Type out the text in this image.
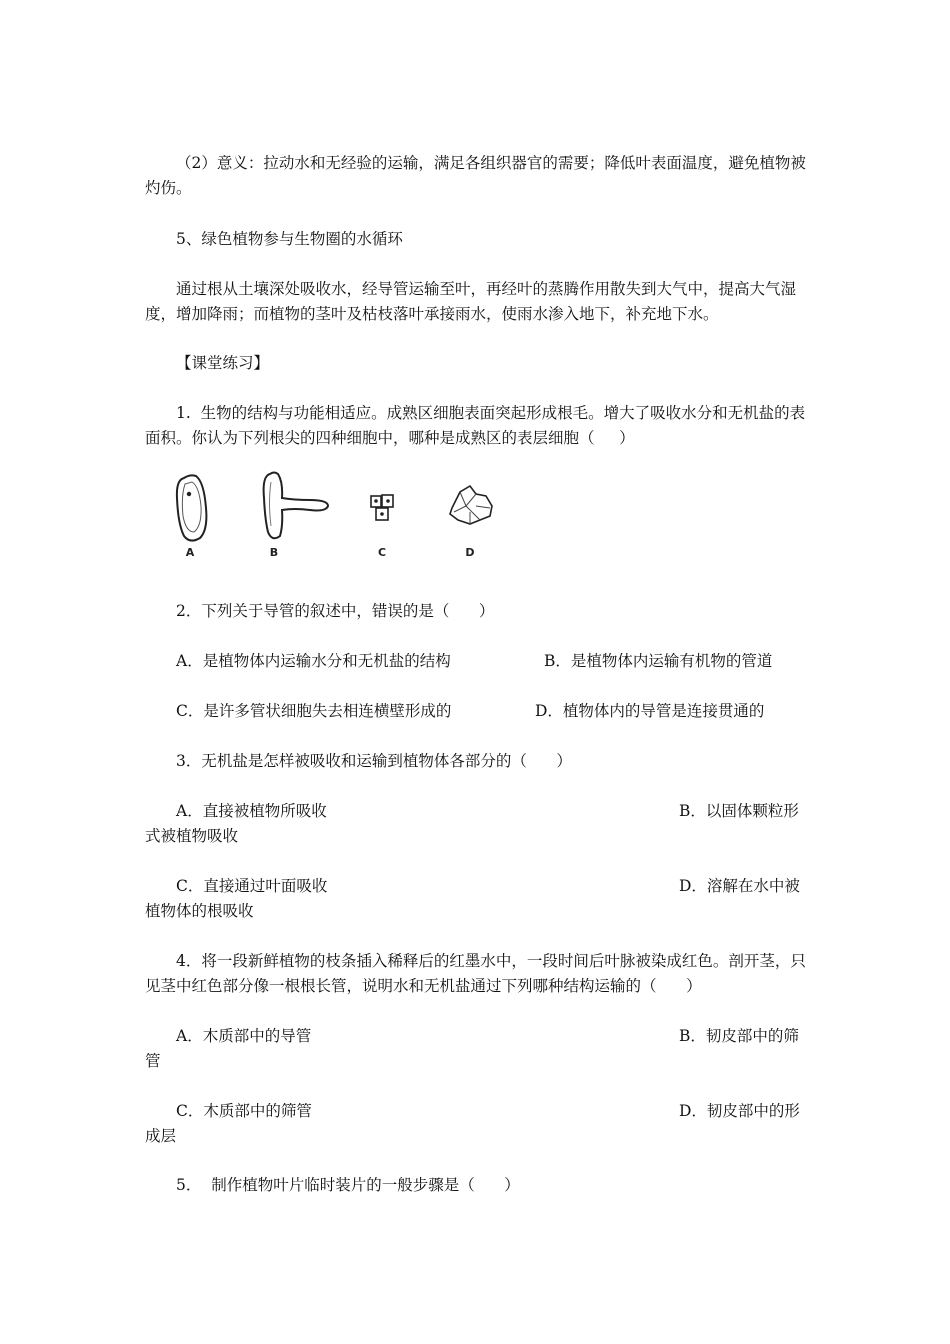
（2）意义：拉动水和无经验的运输，满足各组织器官的需要；降低叶表面温度，避免植物被灼伤。

5、绿色植物参与生物圈的水循环

通过根从土壤深处吸收水，经导管运输至叶，再经叶的蒸腾作用散失到大气中，提高大气湿度，增加降雨；而植物的茎叶及枯枝落叶承接雨水，使雨水渗入地下，补充地下水。

【课堂练习】

1.  生物的结构与功能相适应。成熟区细胞表面突起形成根毛。增大了吸收水分和无机盐的表面积。你认为下列根尖的四种细胞中，哪种是成熟区的表层细胞（     ）

A	B	C	D

2．下列关于导管的叙述中，错误的是（      ）

A．是植物体内运输水分和无机盐的结构	B．是植物体内运输有机物的管道
C．是许多管状细胞失去相连横壁形成的	D．植物体内的导管是连接贯通的

3．无机盐是怎样被吸收和运输到植物体各部分的（      ）

A．直接被植物所吸收	B．以固体颗粒形
式被植物吸收
C．直接通过叶面吸收	D．溶解在水中被
植物体的根吸收

4．将一段新鲜植物的枝条插入稀释后的红墨水中，一段时间后叶脉被染成红色。剖开茎，只见茎中红色部分像一根根长管，说明水和无机盐通过下列哪种结构运输的（      ）

A．木质部中的导管	B．韧皮部中的筛
管
C．木质部中的筛管	D．韧皮部中的形
成层

5．  制作植物叶片临时装片的一般步骤是（      ）
